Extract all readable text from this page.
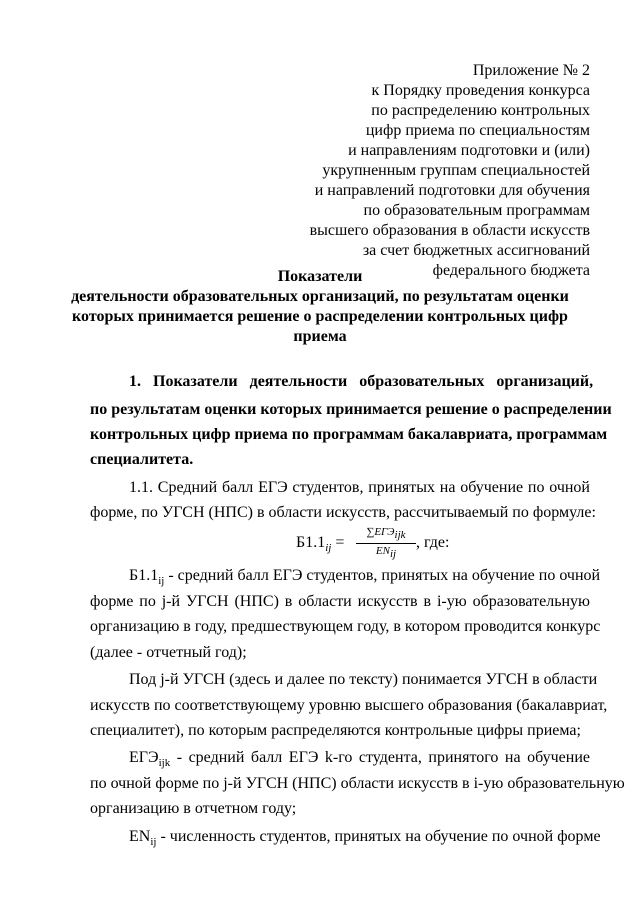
Приложение № 2
к Порядку проведения конкурса
по распределению контрольных
цифр приема по специальностям
и направлениям подготовки и (или)
укрупненным группам специальностей
и направлений подготовки для обучения
по образовательным программам
высшего образования в области искусств
за счет бюджетных ассигнований
федерального бюджета
Показатели
деятельности образовательных организаций, по результатам оценки
которых принимается решение о распределении контрольных цифр
приема
1.   Показатели   деятельности   образовательных   организаций,
по результатам оценки которых принимается решение о распределении
контрольных цифр приема по программам бакалавриата, программам
специалитета.
1.1. Средний балл ЕГЭ студентов, принятых на обучение по очной
форме, по УГСН (НПС) в области искусств, рассчитываемый по формуле:
$Б1.1_{ij}$ =
$\sum ЕГЭ_{ijk}$
$EN_{ij}$
, где:
$Б1.1_{ij}$ - средний балл ЕГЭ студентов, принятых на обучение по очной
форме по j-й УГСН (НПС) в области искусств в i-ую образовательную
организацию в году, предшествующем году, в котором проводится конкурс
(далее - отчетный год);
Под j-й УГСН (здесь и далее по тексту) понимается УГСН в области
искусств по соответствующему уровню высшего образования (бакалавриат,
специалитет), по которым распределяются контрольные цифры приема;
$ЕГЭ_{ijk}$ - средний балл ЕГЭ k-го студента, принятого на обучение
по очной форме по j-й УГСН (НПС) области искусств в i-ую образовательную
организацию в отчетном году;
$EN_{ij}$ - численность студентов, принятых на обучение по очной форме
